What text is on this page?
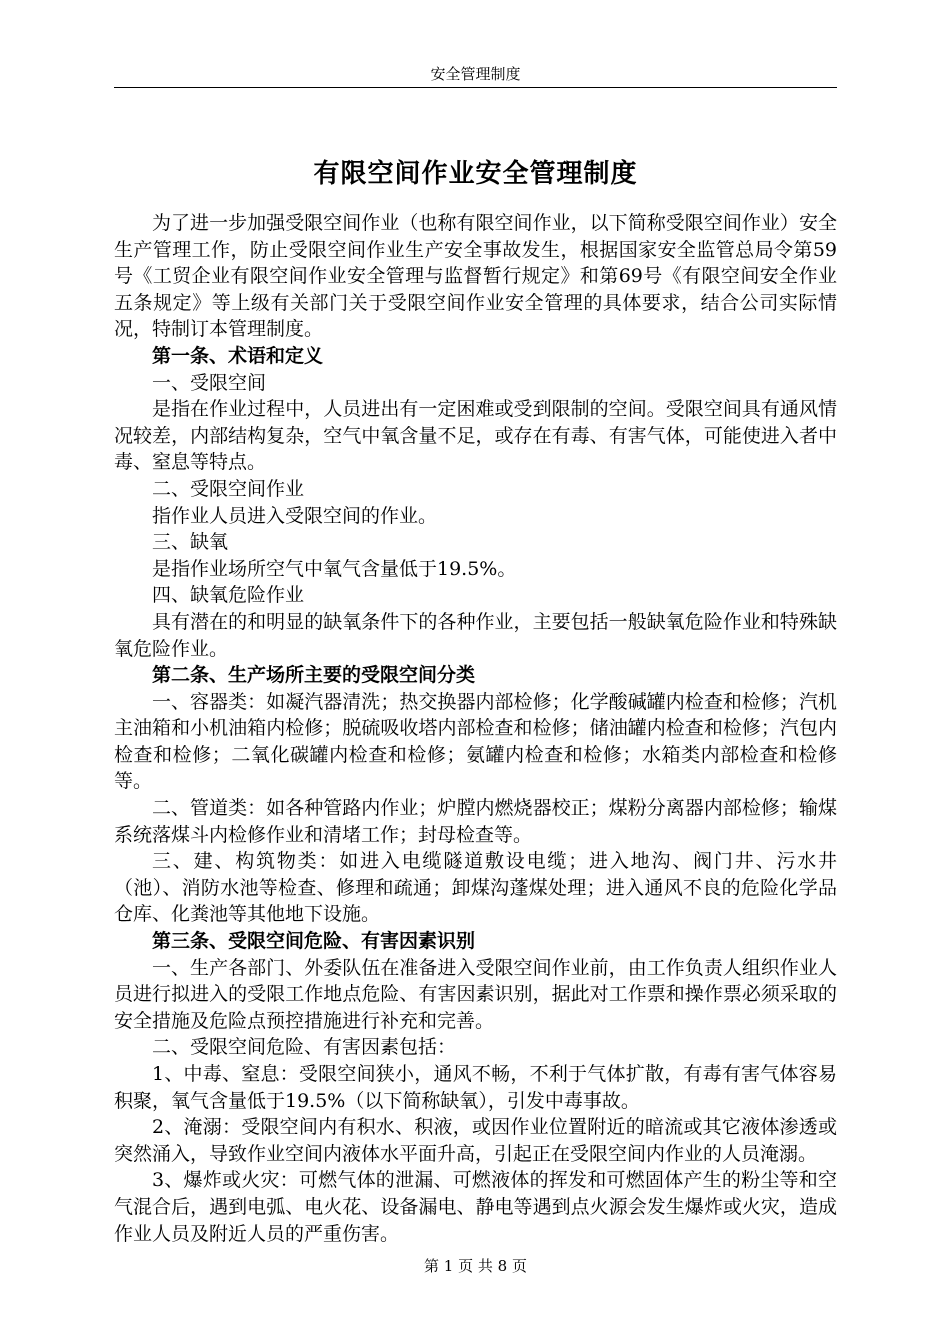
安全管理制度
有限空间作业安全管理制度

为了进一步加强受限空间作业（也称有限空间作业，以下简称受限空间作业）安全生产管理工作，防止受限空间作业生产安全事故发生，根据国家安全监管总局令第59号《工贸企业有限空间作业安全管理与监督暂行规定》和第69号《有限空间安全作业五条规定》等上级有关部门关于受限空间作业安全管理的具体要求，结合公司实际情况，特制订本管理制度。

第一条、术语和定义

一、受限空间

是指在作业过程中，人员进出有一定困难或受到限制的空间。受限空间具有通风情况较差，内部结构复杂，空气中氧含量不足，或存在有毒、有害气体，可能使进入者中毒、窒息等特点。

二、受限空间作业

指作业人员进入受限空间的作业。

三、缺氧

是指作业场所空气中氧气含量低于19.5%。

四、缺氧危险作业

具有潜在的和明显的缺氧条件下的各种作业，主要包括一般缺氧危险作业和特殊缺氧危险作业。

第二条、生产场所主要的受限空间分类

一、容器类：如凝汽器清洗；热交换器内部检修；化学酸碱罐内检查和检修；汽机主油箱和小机油箱内检修；脱硫吸收塔内部检查和检修；储油罐内检查和检修；汽包内检查和检修；二氧化碳罐内检查和检修；氨罐内检查和检修；水箱类内部检查和检修等。

二、管道类：如各种管路内作业；炉膛内燃烧器校正；煤粉分离器内部检修；输煤系统落煤斗内检修作业和清堵工作；封母检查等。

三、建、构筑物类：如进入电缆隧道敷设电缆；进入地沟、阀门井、污水井（池）、消防水池等检查、修理和疏通；卸煤沟蓬煤处理；进入通风不良的危险化学品仓库、化粪池等其他地下设施。

第三条、受限空间危险、有害因素识别

一、生产各部门、外委队伍在准备进入受限空间作业前，由工作负责人组织作业人员进行拟进入的受限工作地点危险、有害因素识别，据此对工作票和操作票必须采取的安全措施及危险点预控措施进行补充和完善。

二、受限空间危险、有害因素包括：

1、中毒、窒息：受限空间狭小，通风不畅，不利于气体扩散，有毒有害气体容易积聚，氧气含量低于19.5%（以下简称缺氧），引发中毒事故。

2、淹溺：受限空间内有积水、积液，或因作业位置附近的暗流或其它液体渗透或突然涌入，导致作业空间内液体水平面升高，引起正在受限空间内作业的人员淹溺。

3、爆炸或火灾：可燃气体的泄漏、可燃液体的挥发和可燃固体产生的粉尘等和空气混合后，遇到电弧、电火花、设备漏电、静电等遇到点火源会发生爆炸或火灾，造成作业人员及附近人员的严重伤害。

第 1 页 共 8 页
